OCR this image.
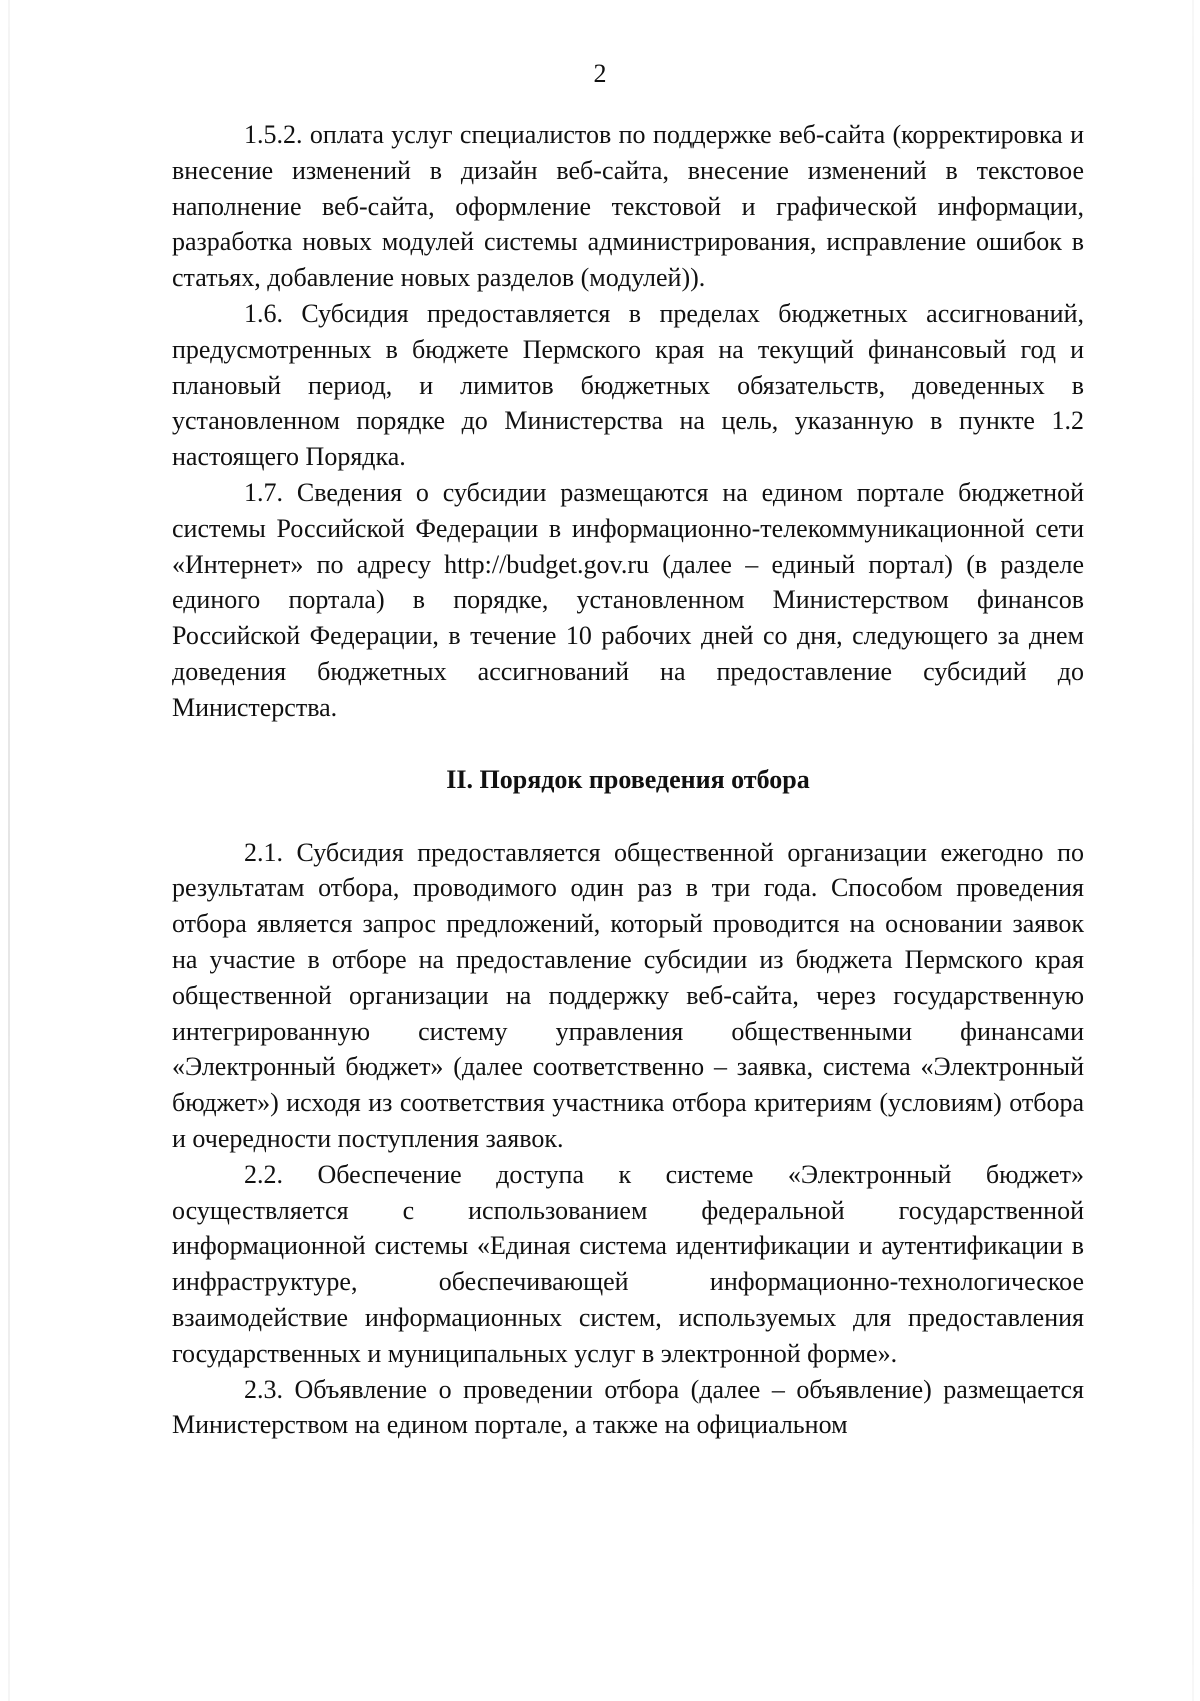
2

1.5.2. оплата услуг специалистов по поддержке веб-сайта (корректировка и внесение изменений в дизайн веб-сайта, внесение изменений в текстовое наполнение веб-сайта, оформление текстовой и графической информации, разработка новых модулей системы администрирования, исправление ошибок в статьях, добавление новых разделов (модулей)).

1.6. Субсидия предоставляется в пределах бюджетных ассигнований, предусмотренных в бюджете Пермского края на текущий финансовый год и плановый период, и лимитов бюджетных обязательств, доведенных в установленном порядке до Министерства на цель, указанную в пункте 1.2 настоящего Порядка.

1.7. Сведения о субсидии размещаются на едином портале бюджетной системы Российской Федерации в информационно-телекоммуникационной сети «Интернет» по адресу http://budget.gov.ru (далее – единый портал) (в разделе единого портала) в порядке, установленном Министерством финансов Российской Федерации, в течение 10 рабочих дней со дня, следующего за днем доведения бюджетных ассигнований на предоставление субсидий до Министерства.

II. Порядок проведения отбора

2.1. Субсидия предоставляется общественной организации ежегодно по результатам отбора, проводимого один раз в три года. Способом проведения отбора является запрос предложений, который проводится на основании заявок на участие в отборе на предоставление субсидии из бюджета Пермского края общественной организации на поддержку веб-сайта, через государственную интегрированную систему управления общественными финансами «Электронный бюджет» (далее соответственно – заявка, система «Электронный бюджет») исходя из соответствия участника отбора критериям (условиям) отбора и очередности поступления заявок.

2.2. Обеспечение доступа к системе «Электронный бюджет» осуществляется с использованием федеральной государственной информационной системы «Единая система идентификации и аутентификации в инфраструктуре, обеспечивающей информационно-технологическое взаимодействие информационных систем, используемых для предоставления государственных и муниципальных услуг в электронной форме».

2.3. Объявление о проведении отбора (далее – объявление) размещается Министерством на едином портале, а также на официальном
